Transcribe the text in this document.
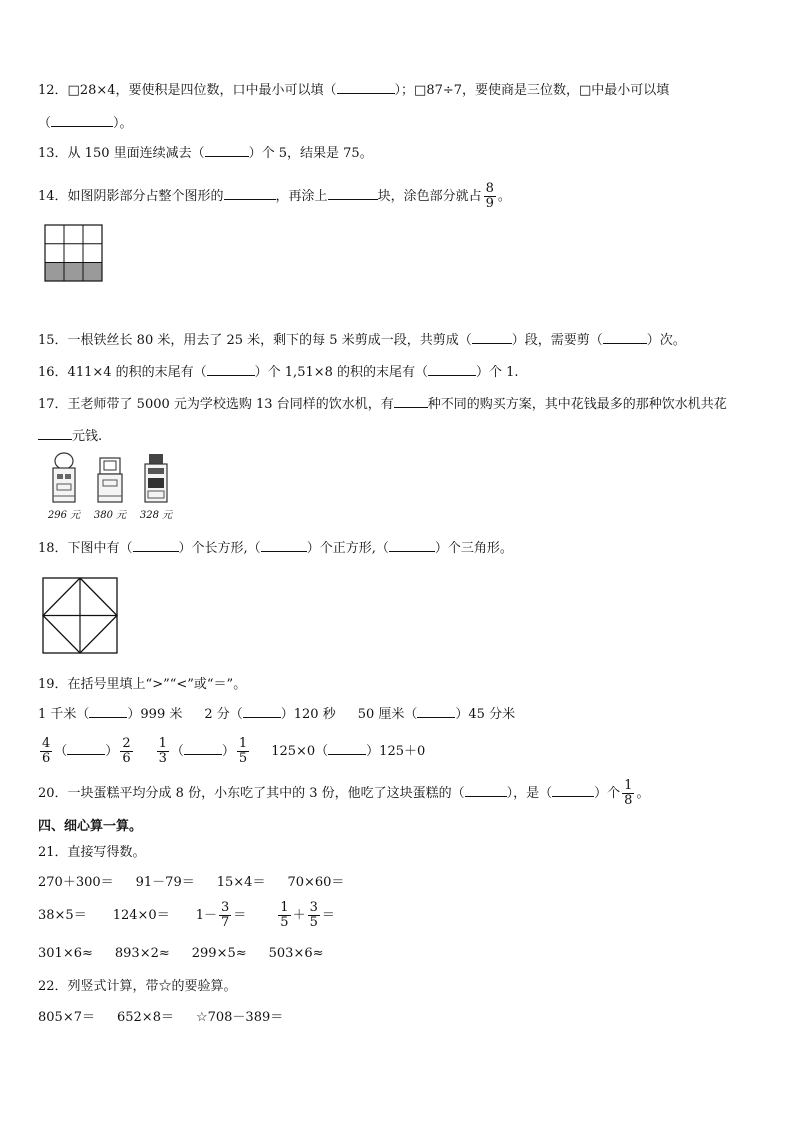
12．□28×4，要使积是四位数，口中最小可以填（	）；□87÷7，要使商是三位数，□中最小可以填
（	）。
13．从 150 里面连续减去（	）个 5，结果是 75。
14．如图阴影部分占整个图形的	，再涂上	块，涂色部分就占 $\frac{8}{9}$ 。
15．一根铁丝长 80 米，用去了 25 米，剩下的每 5 米剪成一段，共剪成（	）段，需要剪（	）次。
16．411×4 的积的末尾有（	）个 1,51×8 的积的末尾有（	）个 1.
17．王老师带了 5000 元为学校选购 13 台同样的饮水机，有	种不同的购买方案，其中花钱最多的那种饮水机共花
元钱.
296 元	380 元	328 元
18．下图中有（	）个长方形,（	）个正方形,（	）个三角形。
19．在括号里填上“>”“<”或“＝”。
1 千米（	）999 米 2 分（	）120 秒 50 厘米（	）45 分米
$\frac{4}{6}$ （	） $\frac{2}{6} \frac{1}{3}$ （	） $\frac{1}{5} 125\times 0$（	）125＋0
20．一块蛋糕平均分成 8 份，小东吃了其中的 3 份，他吃了这块蛋糕的（	），是（	）个 $\frac{1}{8}$ 。
四、细心算一算。
21．直接写得数。
270＋300＝ 91－79＝ 15×4＝ 70×60＝
$38\times 5= 124\times 0= 1- \frac{3}{7} = \frac{1}{5} + \frac{3}{5}$ ＝
301×6≈ 893×2≈ 299×5≈ 503×6≈
22．列竖式计算，带☆的要验算。
805×7＝ 652×8＝ ☆708－389＝
